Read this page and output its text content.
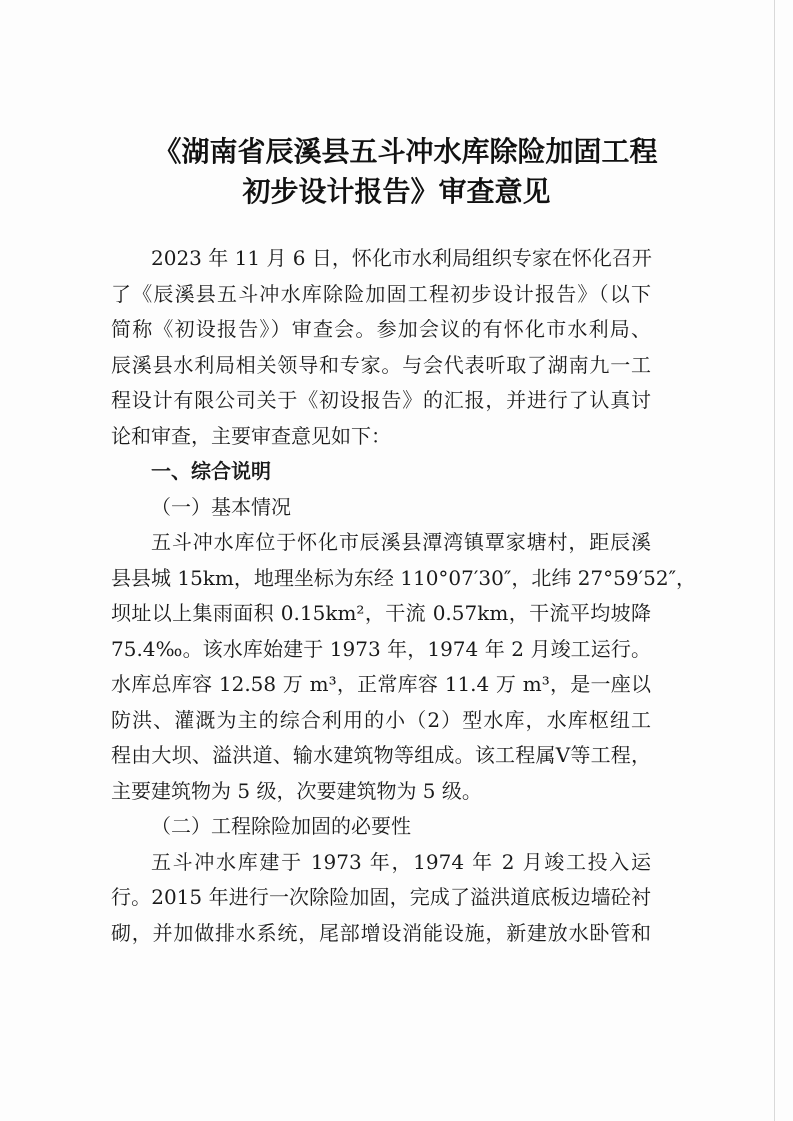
《湖南省辰溪县五斗冲水库除险加固工程
初步设计报告》审查意见
2023 年 11 月 6 日，怀化市水利局组织专家在怀化召开
了《辰溪县五斗冲水库除险加固工程初步设计报告》（以下
简称《初设报告》）审查会。参加会议的有怀化市水利局、
辰溪县水利局相关领导和专家。与会代表听取了湖南九一工
程设计有限公司关于《初设报告》的汇报，并进行了认真讨
论和审查，主要审查意见如下：
一、综合说明
（一）基本情况
五斗冲水库位于怀化市辰溪县潭湾镇覃家塘村，距辰溪
县县城 15km，地理坐标为东经 110°07′30″，北纬 27°59′52″，
坝址以上集雨面积 0.15km²，干流 0.57km，干流平均坡降
75.4‰。该水库始建于 1973 年，1974 年 2 月竣工运行。
水库总库容 12.58 万 m³，正常库容 11.4 万 m³，是一座以
防洪、灌溉为主的综合利用的小（2）型水库，水库枢纽工
程由大坝、溢洪道、输水建筑物等组成。该工程属Ⅴ等工程，
主要建筑物为 5 级，次要建筑物为 5 级。
（二）工程除险加固的必要性
五斗冲水库建于 1973 年，1974 年 2 月竣工投入运
行。2015 年进行一次除险加固，完成了溢洪道底板边墙砼衬
砌，并加做排水系统，尾部增设消能设施，新建放水卧管和
